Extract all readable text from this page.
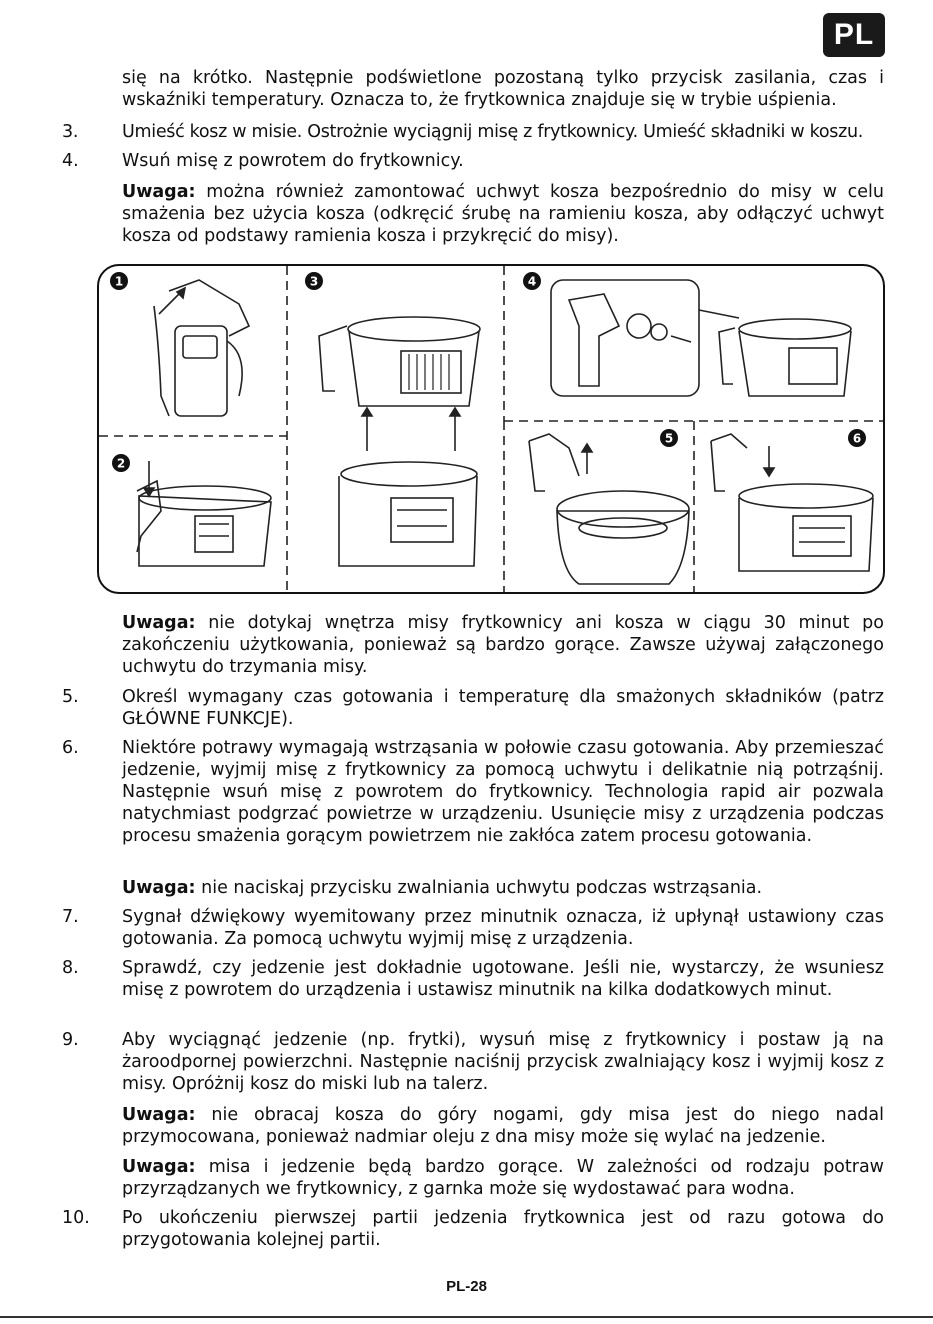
PL
się na krótko. Następnie podświetlone pozostaną tylko przycisk zasilania, czas i wskaźniki temperatury. Oznacza to, że frytkownica znajduje się w trybie uśpienia.
3.	Umieść kosz w misie. Ostrożnie wyciągnij misę z frytkownicy. Umieść składniki w koszu.
4. Wsuń misę z powrotem do frytkownicy.
Uwaga: można również zamontować uchwyt kosza bezpośrednio do misy w celu smażenia bez użycia kosza (odkręcić śrubę na ramieniu kosza, aby odłączyć uchwyt kosza od podstawy ramienia kosza i przykręcić do misy).
1
2
3	4
5	6
Uwaga: nie dotykaj wnętrza misy frytkownicy ani kosza w ciągu 30 minut po zakończeniu użytkowania, ponieważ są bardzo gorące. Zawsze używaj załączonego uchwytu do trzymania misy.
5. Określ wymagany czas gotowania i temperaturę dla smażonych składników (patrz GŁÓWNE FUNKCJE).
6. Niektóre potrawy wymagają wstrząsania w połowie czasu gotowania. Aby przemieszać jedzenie, wyjmij misę z frytkownicy za pomocą uchwytu i delikatnie nią potrząśnij. Następnie wsuń misę z powrotem do frytkownicy. Technologia rapid air pozwala natychmiast podgrzać powietrze w urządzeniu. Usunięcie misy z urządzenia podczas procesu smażenia gorącym powietrzem nie zakłóca zatem procesu gotowania.
Uwaga: nie naciskaj przycisku zwalniania uchwytu podczas wstrząsania.
7. Sygnał dźwiękowy wyemitowany przez minutnik oznacza, iż upłynął ustawiony czas gotowania. Za pomocą uchwytu wyjmij misę z urządzenia.
8. Sprawdź, czy jedzenie jest dokładnie ugotowane. Jeśli nie, wystarczy, że wsuniesz misę z powrotem do urządzenia i ustawisz minutnik na kilka dodatkowych minut.
9. Aby wyciągnąć jedzenie (np. frytki), wysuń misę z frytkownicy i postaw ją na żaroodpornej powierzchni. Następnie naciśnij przycisk zwalniający kosz i wyjmij kosz z misy. Opróżnij kosz do miski lub na talerz.
Uwaga: nie obracaj kosza do góry nogami, gdy misa jest do niego nadal przymocowana, ponieważ nadmiar oleju z dna misy może się wylać na jedzenie.
Uwaga: misa i jedzenie będą bardzo gorące. W zależności od rodzaju potraw przyrządzanych we frytkownicy, z garnka może się wydostawać para wodna.
10. Po ukończeniu pierwszej partii jedzenia frytkownica jest od razu gotowa do przygotowania kolejnej partii.
PL-28
